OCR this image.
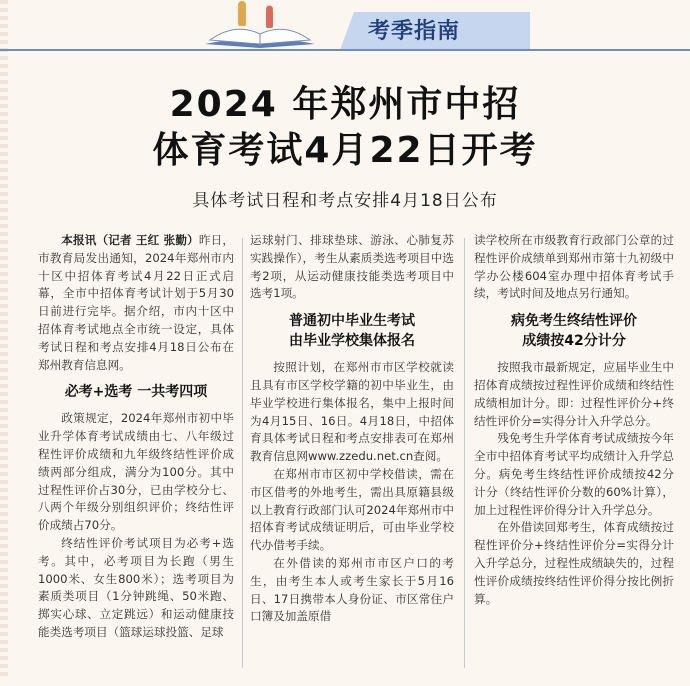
考季指南
2024 年郑州市中招
体育考试4月22日开考
具体考试日程和考点安排4月18日公布

本报讯（记者 王红 张勤）昨日，市教育局发出通知，2024年郑州市内十区中招体育考试4月22日正式启幕，全市中招体育考试计划于5月30日前进行完毕。据介绍，市内十区中招体育考试地点全市统一设定，具体考试日程和考点安排4月18日公布在郑州教育信息网。

必考+选考 一共考四项

政策规定，2024年郑州市初中毕业升学体育考试成绩由七、八年级过程性评价成绩和九年级终结性评价成绩两部分组成，满分为100分。其中过程性评价占30分，已由学校分七、八两个年级分别组织评价；终结性评价成绩占70分。

终结性评价考试项目为必考+选考。其中，必考项目为长跑（男生1000米、女生800米）；选考项目为素质类项目（1分钟跳绳、50米跑、掷实心球、立定跳远）和运动健康技能类选考项目（篮球运球投篮、足球

运球射门、排球垫球、游泳、心肺复苏实践操作），考生从素质类选考项目中选考2项，从运动健康技能类选考项目中选考1项。

普通初中毕业生考试
由毕业学校集体报名

按照计划，在郑州市市区学校就读且具有市区学校学籍的初中毕业生，由毕业学校进行集体报名，集中上报时间为4月15日、16日。4月18日，中招体育具体考试日程和考点安排表可在郑州教育信息网www.zzedu.net.cn查阅。

在郑州市市区初中学校借读，需在市区借考的外地考生，需出具原籍县级以上教育行政部门认可2024年郑州市中招体育考试成绩证明后，可由毕业学校代办借考手续。

在外借读的郑州市市区户口的考生，由考生本人或考生家长于5月16日、17日携带本人身份证、市区常住户口簿及加盖原借

读学校所在市级教育行政部门公章的过程性评价成绩单到郑州市第十九初级中学办公楼604室办理中招体育考试手续，考试时间及地点另行通知。

病免考生终结性评价
成绩按42分计分

按照我市最新规定，应届毕业生中招体育成绩按过程性评价成绩和终结性成绩相加计分。即：过程性评价分+终结性评价分=实得分计入升学总分。

残免考生升学体育考试成绩按今年全市中招体育考试平均成绩计入升学总分。病免考生终结性评价成绩按42分计分（终结性评价分数的60%计算），加上过程性评价得分计入升学总分。

在外借读回郑考生，体育成绩按过程性评价分+终结性评价分=实得分计入升学总分，过程性成绩缺失的，过程性评价成绩按终结性评价得分按比例折算。
